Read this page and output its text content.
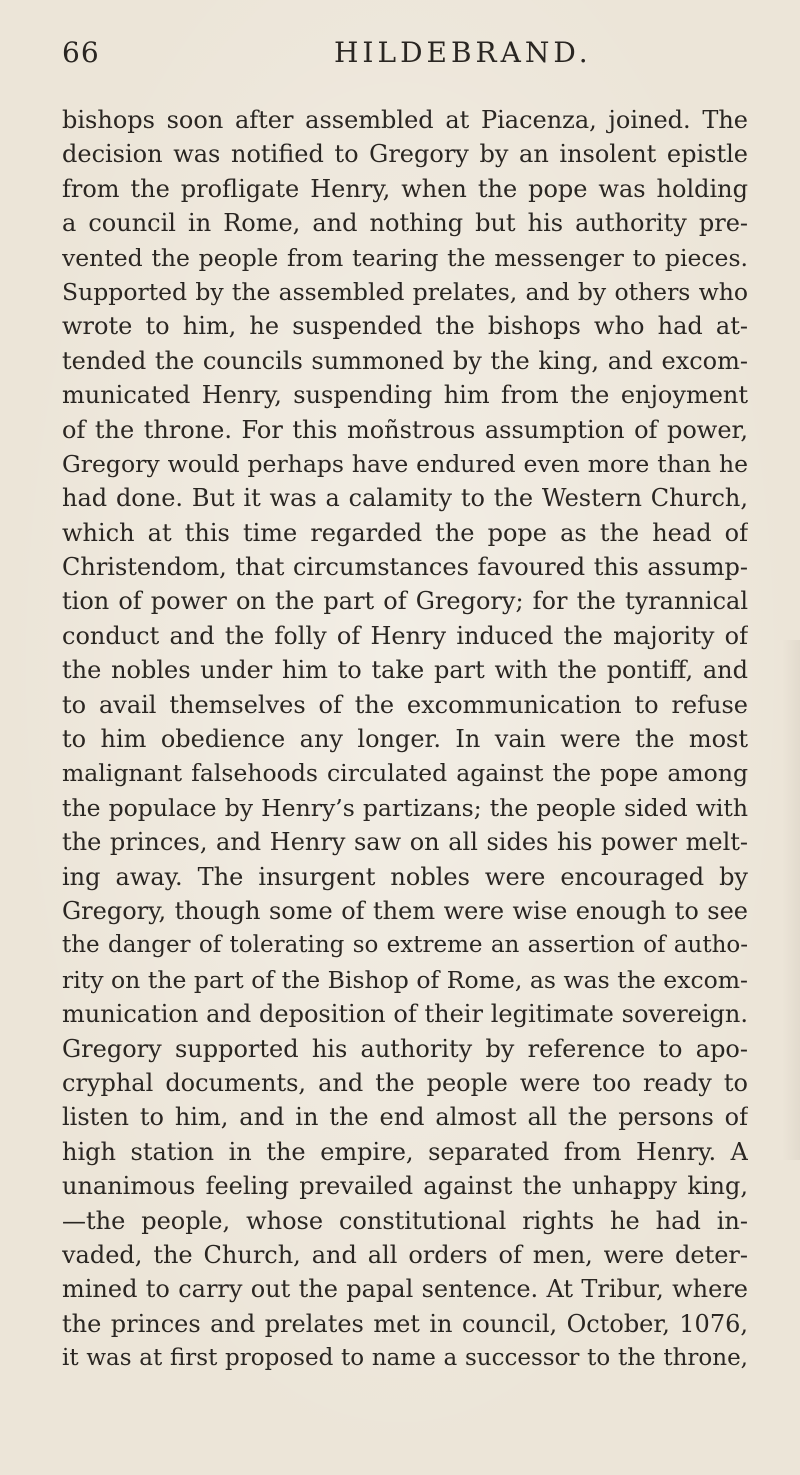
66	HILDEBRAND.
bishops soon after assembled at Piacenza, joined. The
decision was notified to Gregory by an insolent epistle
from the profligate Henry, when the pope was holding
a council in Rome, and nothing but his authority pre-
vented the people from tearing the messenger to pieces.
Supported by the assembled prelates, and by others who
wrote to him, he suspended the bishops who had at-
tended the councils summoned by the king, and excom-
municated Henry, suspending him from the enjoyment
of the throne. For this moñstrous assumption of power,
Gregory would perhaps have endured even more than he
had done. But it was a calamity to the Western Church,
which at this time regarded the pope as the head of
Christendom, that circumstances favoured this assump-
tion of power on the part of Gregory; for the tyrannical
conduct and the folly of Henry induced the majority of
the nobles under him to take part with the pontiff, and
to avail themselves of the excommunication to refuse
to him obedience any longer. In vain were the most
malignant falsehoods circulated against the pope among
the populace by Henry’s partizans; the people sided with
the princes, and Henry saw on all sides his power melt-
ing away. The insurgent nobles were encouraged by
Gregory, though some of them were wise enough to see
the danger of tolerating so extreme an assertion of autho-
rity on the part of the Bishop of Rome, as was the excom-
munication and deposition of their legitimate sovereign.
Gregory supported his authority by reference to apo-
cryphal documents, and the people were too ready to
listen to him, and in the end almost all the persons of
high station in the empire, separated from Henry. A
unanimous feeling prevailed against the unhappy king,
—the people, whose constitutional rights he had in-
vaded, the Church, and all orders of men, were deter-
mined to carry out the papal sentence. At Tribur, where
the princes and prelates met in council, October, 1076,
it was at first proposed to name a successor to the throne,
